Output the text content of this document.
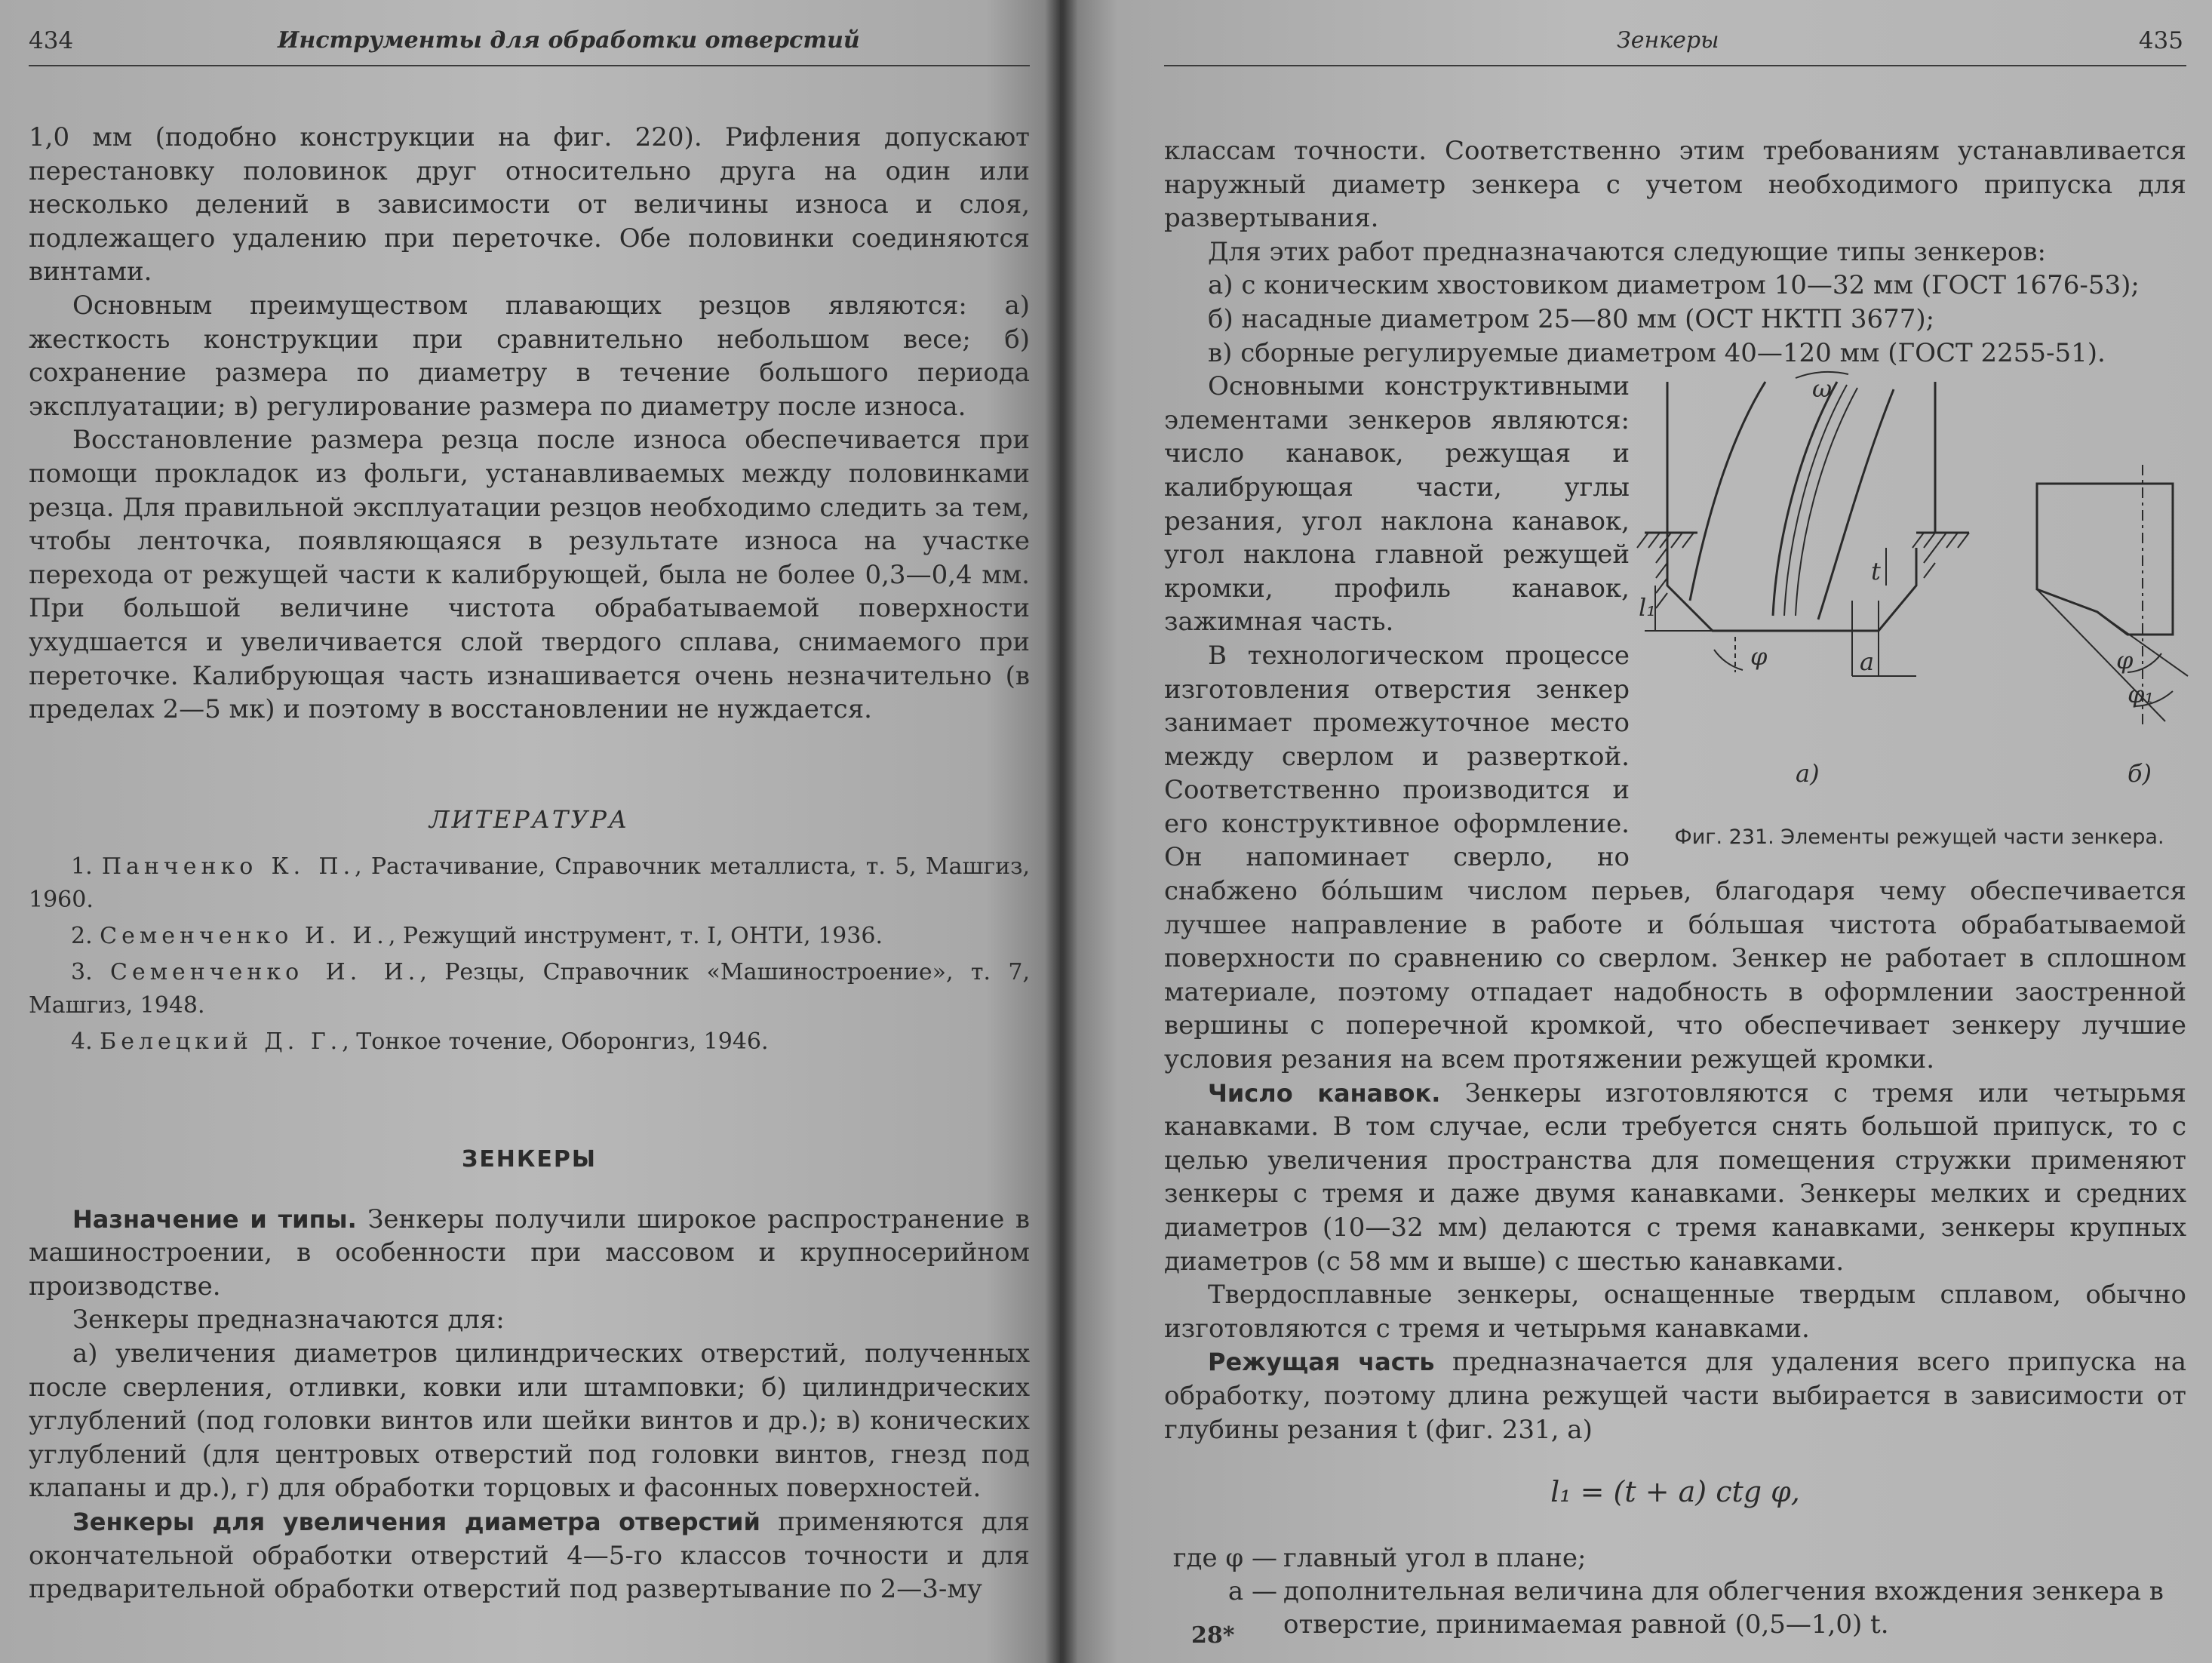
434	Инструменты для обработки отверстий

1,0 мм (подобно конструкции на фиг. 220). Рифления допускают перестановку половинок друг относительно друга на один или несколько делений в зависимости от величины износа и слоя, подлежащего удалению при переточке. Обе половинки соединяются винтами.

Основным преимуществом плавающих резцов являются: а) жесткость конструкции при сравнительно небольшом весе; б) сохранение размера по диаметру в течение большого периода эксплуатации; в) регулирование размера по диаметру после износа.

Восстановление размера резца после износа обеспечивается при помощи прокладок из фольги, устанавливаемых между половинками резца. Для правильной эксплуатации резцов необходимо следить за тем, чтобы ленточка, появляющаяся в результате износа на участке перехода от режущей части к калибрующей, была не более 0,3—0,4 мм. При большой величине чистота обрабатываемой поверхности ухудшается и увеличивается слой твердого сплава, снимаемого при переточке. Калибрующая часть изнашивается очень незначительно (в пределах 2—5 мк) и поэтому в восстановлении не нуждается.

ЛИТЕРАТУРА

1. Панченко К. П., Растачивание, Справочник металлиста, т. 5, Машгиз, 1960.

2. Семенченко И. И., Режущий инструмент, т. I, ОНТИ, 1936.

3. Семенченко И. И., Резцы, Справочник «Машиностроение», т. 7, Машгиз, 1948.

4. Белецкий Д. Г., Тонкое точение, Оборонгиз, 1946.

ЗЕНКЕРЫ

Назначение и типы. Зенкеры получили широкое распространение в машиностроении, в особенности при массовом и крупносерийном производстве.

Зенкеры предназначаются для:

а) увеличения диаметров цилиндрических отверстий, полученных после сверления, отливки, ковки или штамповки; б) цилиндрических углублений (под головки винтов или шейки винтов и др.); в) конических углублений (для центровых отверстий под головки винтов, гнезд под клапаны и др.), г) для обработки торцовых и фасонных поверхностей.

Зенкеры для увеличения диаметра отверстий применяются для окончательной обработки отверстий 4—5-го классов точности и для предварительной обработки отверстий под развертывание по 2—3-му

Зенкеры	435

классам точности. Соответственно этим требованиям устанавливается наружный диаметр зенкера с учетом необходимого припуска для развертывания.

Для этих работ предназначаются следующие типы зенкеров:

а) с коническим хвостовиком диаметром 10—32 мм (ГОСТ 1676-53);

б) насадные диаметром 25—80 мм (ОСТ НКТП 3677);

в) сборные регулируемые диаметром 40—120 мм (ГОСТ 2255-51).

ω
t
l₁
φ	a	φ
φ₁
а)	б)
Фиг. 231. Элементы режущей части зенкера.

Основными конструктивными элементами зенкеров являются: число канавок, режущая и калибрующая части, углы резания, угол наклона канавок, угол наклона главной режущей кромки, профиль канавок, зажимная часть.

В технологическом процессе изготовления отверстия зенкер занимает промежуточное место между сверлом и разверткой. Соответственно производится и его конструктивное оформление. Он напоминает сверло, но снабжено бо́льшим числом перьев, благодаря чему обеспечивается лучшее направление в работе и бо́льшая чистота обрабатываемой поверхности по сравнению со сверлом. Зенкер не работает в сплошном материале, поэтому отпадает надобность в оформлении заостренной вершины с поперечной кромкой, что обеспечивает зенкеру лучшие условия резания на всем протяжении режущей кромки.

Число канавок. Зенкеры изготовляются с тремя или четырьмя канавками. В том случае, если требуется снять большой припуск, то с целью увеличения пространства для помещения стружки применяют зенкеры с тремя и даже двумя канавками. Зенкеры мелких и средних диаметров (10—32 мм) делаются с тремя канавками, зенкеры крупных диаметров (с 58 мм и выше) с шестью канавками.

Твердосплавные зенкеры, оснащенные твердым сплавом, обычно изготовляются с тремя и четырьмя канавками.

Режущая часть предназначается для удаления всего припуска на обработку, поэтому длина режущей части выбирается в зависимости от глубины резания t (фиг. 231, а)

l₁ = (t + a) ctg φ,
где φ — главный угол в плане;
a — дополнительная величина для облегчения вхождения зенкера в отверстие, принимаемая равной (0,5—1,0) t.
28*
